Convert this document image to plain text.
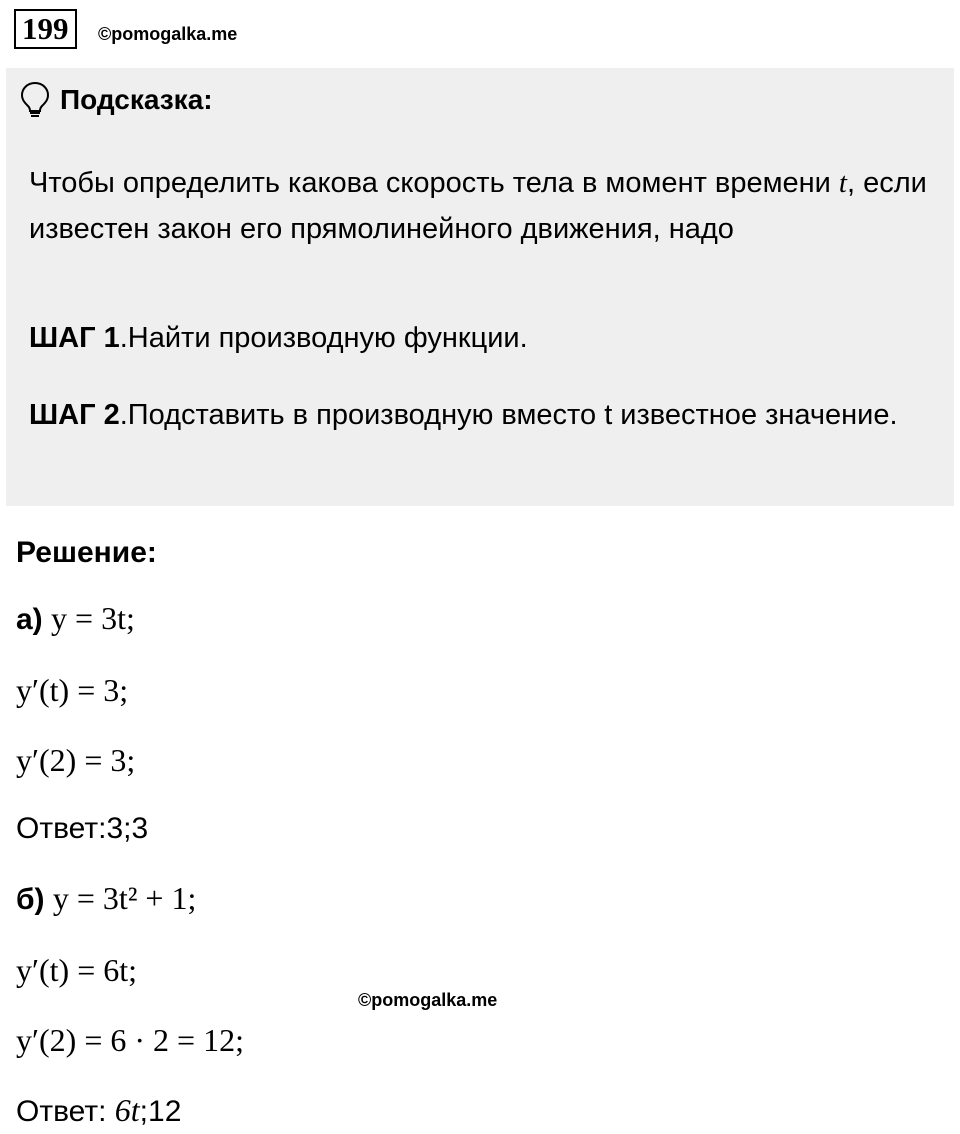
199	©pomogalka.me
Подсказка:
Чтобы определить какова скорость тела в момент времени t, если известен закон его прямолинейного движения, надо
ШАГ 1.Найти производную функции.
ШАГ 2.Подставить в производную вместо t известное значение.
Решение:
а) y = 3t;
y′(t) = 3;
y′(2) = 3;
Ответ:3;3
б) y = 3t² + 1;
y′(t) = 6t;
y′(2) = 6 · 2 = 12;
Ответ: 6t;12
©pomogalka.me
